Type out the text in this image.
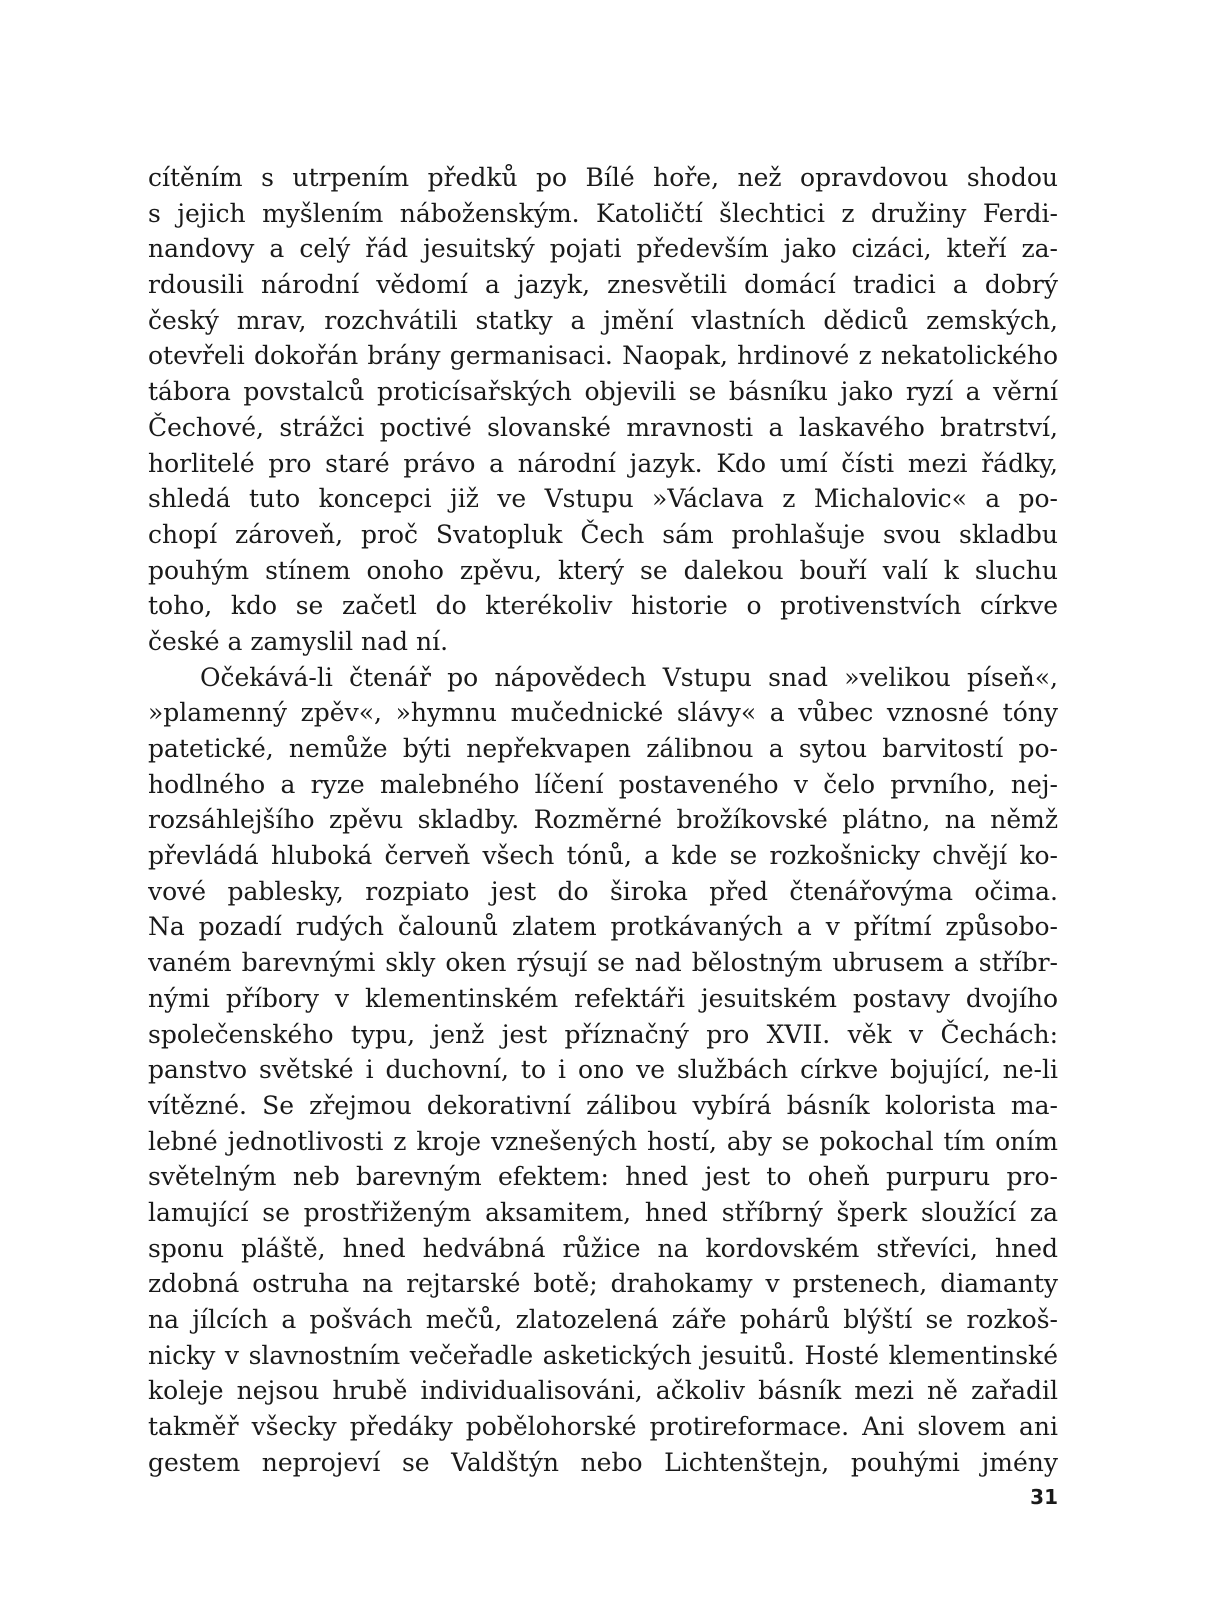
cítěním s utrpením předků po Bílé hoře, než opravdovou shodou
s jejich myšlením náboženským. Katoličtí šlechtici z družiny Ferdi-
nandovy a celý řád jesuitský pojati především jako cizáci, kteří za-
rdousili národní vědomí a jazyk, znesvětili domácí tradici a dobrý
český mrav, rozchvátili statky a jmění vlastních dědiců zemských,
otevřeli dokořán brány germanisaci. Naopak, hrdinové z nekatolického
tábora povstalců proticísařských objevili se básníku jako ryzí a věrní
Čechové, strážci poctivé slovanské mravnosti a laskavého bratrství,
horlitelé pro staré právo a národní jazyk. Kdo umí čísti mezi řádky,
shledá tuto koncepci již ve Vstupu »Václava z Michalovic« a po-
chopí zároveň, proč Svatopluk Čech sám prohlašuje svou skladbu
pouhým stínem onoho zpěvu, který se dalekou bouří valí k sluchu
toho, kdo se začetl do kterékoliv historie o protivenstvích církve
české a zamyslil nad ní.
Očekává-li čtenář po nápovědech Vstupu snad »velikou píseň«,
»plamenný zpěv«, »hymnu mučednické slávy« a vůbec vznosné tóny
patetické, nemůže býti nepřekvapen zálibnou a sytou barvitostí po-
hodlného a ryze malebného líčení postaveného v čelo prvního, nej-
rozsáhlejšího zpěvu skladby. Rozměrné brožíkovské plátno, na němž
převládá hluboká červeň všech tónů, a kde se rozkošnicky chvějí ko-
vové pablesky, rozpiato jest do široka před čtenářovýma očima.
Na pozadí rudých čalounů zlatem protkávaných a v přítmí způsobo-
vaném barevnými skly oken rýsují se nad bělostným ubrusem a stříbr-
nými příbory v klementinském refektáři jesuitském postavy dvojího
společenského typu, jenž jest příznačný pro XVII. věk v Čechách:
panstvo světské i duchovní, to i ono ve službách církve bojující, ne-li
vítězné. Se zřejmou dekorativní zálibou vybírá básník kolorista ma-
lebné jednotlivosti z kroje vznešených hostí, aby se pokochal tím oním
světelným neb barevným efektem: hned jest to oheň purpuru pro-
lamující se prostřiženým aksamitem, hned stříbrný šperk sloužící za
sponu pláště, hned hedvábná růžice na kordovském střevíci, hned
zdobná ostruha na rejtarské botě; drahokamy v prstenech, diamanty
na jílcích a pošvách mečů, zlatozelená záře pohárů blýští se rozkoš-
nicky v slavnostním večeřadle asketických jesuitů. Hosté klementinské
koleje nejsou hrubě individualisováni, ačkoliv básník mezi ně zařadil
takměř všecky předáky pobělohorské protireformace. Ani slovem ani
gestem neprojeví se Valdštýn nebo Lichtenštejn, pouhými jmény
31
